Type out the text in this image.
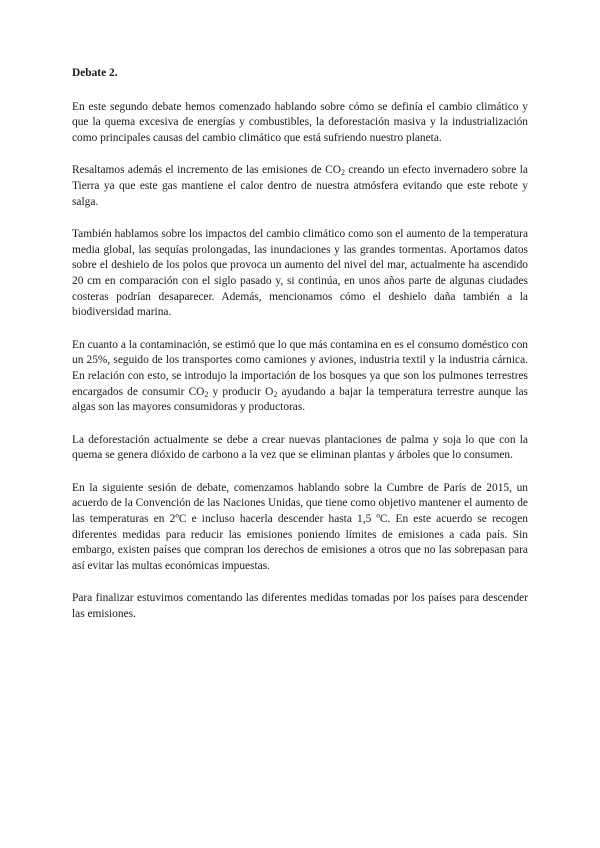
Debate 2.

En este segundo debate hemos comenzado hablando sobre cómo se definía el cambio climático y que la quema excesiva de energías y combustibles, la deforestación masiva y la industrialización como principales causas del cambio climático que está sufriendo nuestro planeta.

Resaltamos además el incremento de las emisiones de $CO_2$ creando un efecto invernadero sobre la Tierra ya que este gas mantiene el calor dentro de nuestra atmósfera evitando que este rebote y salga.

También hablamos sobre los impactos del cambio climático como son el aumento de la temperatura media global, las sequías prolongadas, las inundaciones y las grandes tormentas. Aportamos datos sobre el deshielo de los polos que provoca un aumento del nivel del mar, actualmente ha ascendido 20 cm en comparación con el siglo pasado y, si continúa, en unos años parte de algunas ciudades costeras podrían desaparecer. Además, mencionamos cómo el deshielo daña también a la biodiversidad marina.

En cuanto a la contaminación, se estimó que lo que más contamina en es el consumo doméstico con un 25%, seguido de los transportes como camiones y aviones, industria textil y la industria cárnica. En relación con esto, se introdujo la importación de los bosques ya que son los pulmones terrestres encargados de consumir $CO_2$ y producir $O_2$ ayudando a bajar la temperatura terrestre aunque las algas son las mayores consumidoras y productoras.

La deforestación actualmente se debe a crear nuevas plantaciones de palma y soja lo que con la quema se genera dióxido de carbono a la vez que se eliminan plantas y árboles que lo consumen.

En la siguiente sesión de debate, comenzamos hablando sobre la Cumbre de París de 2015, un acuerdo de la Convención de las Naciones Unidas, que tiene como objetivo mantener el aumento de las temperaturas en 2ºC e incluso hacerla descender hasta 1,5 ºC. En este acuerdo se recogen diferentes medidas para reducir las emisiones poniendo límites de emisiones a cada país. Sin embargo, existen países que compran los derechos de emisiones a otros que no las sobrepasan para así evitar las multas económicas impuestas.

Para finalizar estuvimos comentando las diferentes medidas tomadas por los países para descender las emisiones.
